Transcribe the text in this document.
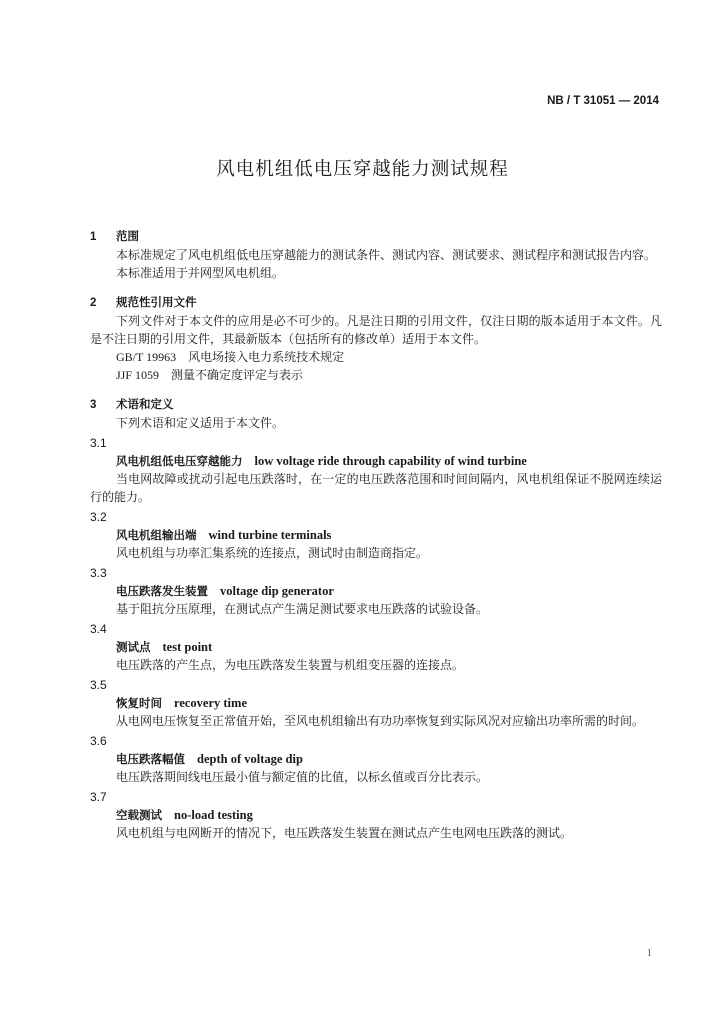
NB / T 31051 — 2014
风电机组低电压穿越能力测试规程
1 范围

本标准规定了风电机组低电压穿越能力的测试条件、测试内容、测试要求、测试程序和测试报告内容。

本标准适用于并网型风电机组。

2 规范性引用文件

下列文件对于本文件的应用是必不可少的。凡是注日期的引用文件，仅注日期的版本适用于本文件。凡是不注日期的引用文件，其最新版本（包括所有的修改单）适用于本文件。

GB/T 19963 风电场接入电力系统技术规定

JJF 1059 测量不确定度评定与表示

3 术语和定义

下列术语和定义适用于本文件。

3.1

风电机组低电压穿越能力 low voltage ride through capability of wind turbine

当电网故障或扰动引起电压跌落时，在一定的电压跌落范围和时间间隔内，风电机组保证不脱网连续运行的能力。

3.2

风电机组输出端 wind turbine terminals

风电机组与功率汇集系统的连接点，测试时由制造商指定。

3.3

电压跌落发生装置 voltage dip generator

基于阻抗分压原理，在测试点产生满足测试要求电压跌落的试验设备。

3.4

测试点 test point

电压跌落的产生点，为电压跌落发生装置与机组变压器的连接点。

3.5

恢复时间 recovery time

从电网电压恢复至正常值开始，至风电机组输出有功功率恢复到实际风况对应输出功率所需的时间。

3.6

电压跌落幅值 depth of voltage dip

电压跌落期间线电压最小值与额定值的比值，以标幺值或百分比表示。

3.7

空载测试 no-load testing

风电机组与电网断开的情况下，电压跌落发生装置在测试点产生电网电压跌落的测试。

1
